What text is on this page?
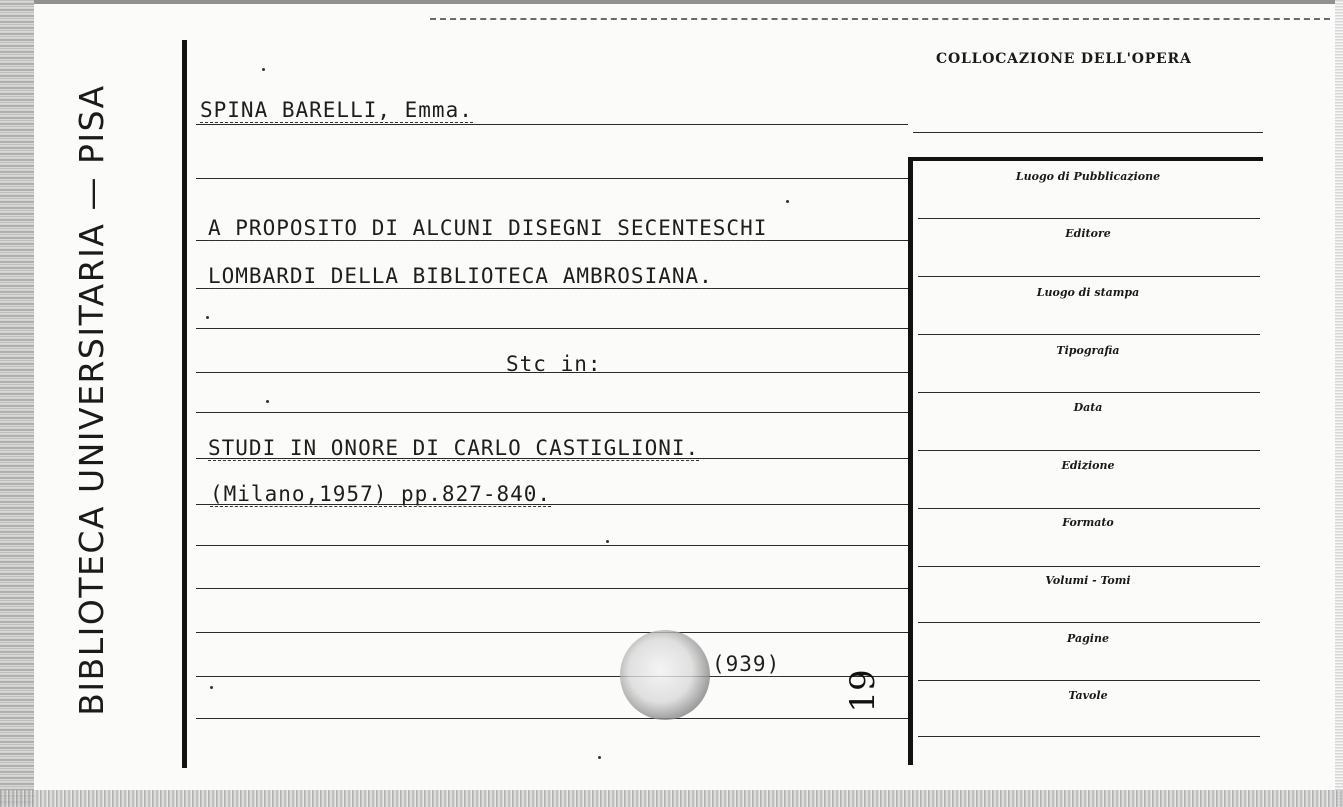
BIBLIOTECA UNIVERSITARIA — PISA
COLLOCAZIONE DELL'OPERA
SPINA BARELLI, Emma.
A PROPOSITO DI ALCUNI DISEGNI SECENTESCHI
LOMBARDI DELLA BIBLIOTECA AMBROSIANA.
Stc in:
STUDI IN ONORE DI CARLO CASTIGLIONI.
(Milano,1957) pp.827-840.
(939)
19
Luogo di Pubblicazione
Editore
Luogo di stampa
Tipografia
Data
Edizione
Formato
Volumi - Tomi
Pagine
Tavole
